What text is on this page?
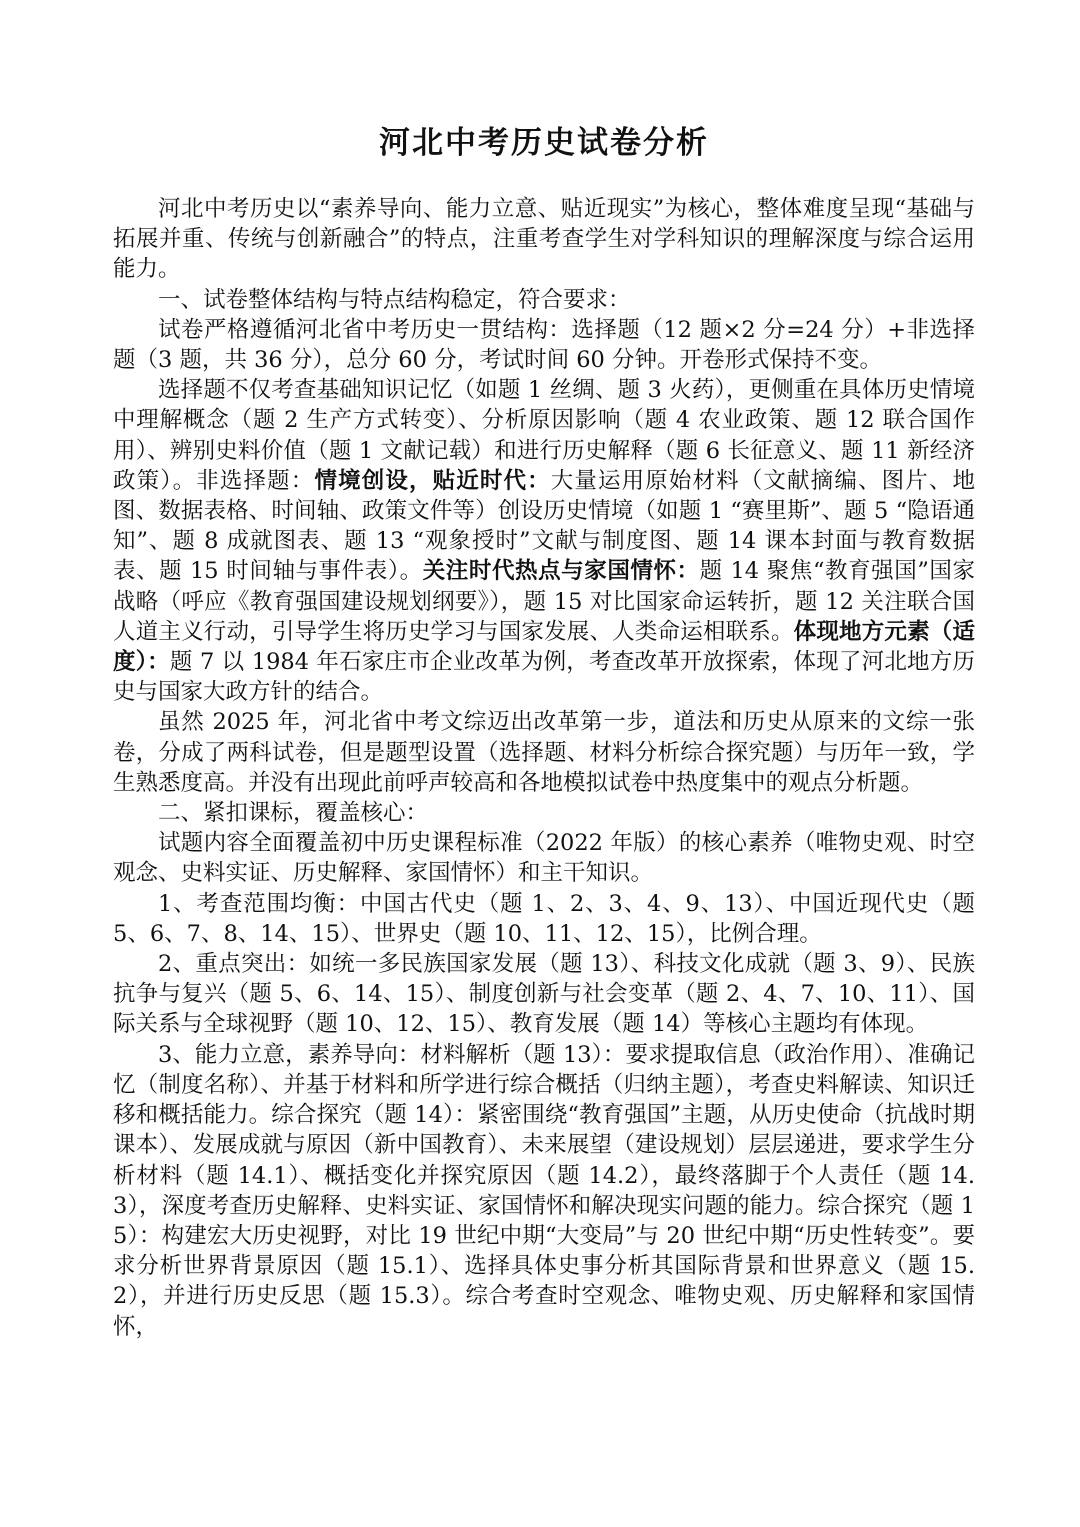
河北中考历史试卷分析

河北中考历史以“素养导向、能力立意、贴近现实”为核心，整体难度呈现“基础与拓展并重、传统与创新融合”的特点，注重考查学生对学科知识的理解深度与综合运用能力。

一、试卷整体结构与特点结构稳定，符合要求：

试卷严格遵循河北省中考历史一贯结构：选择题（12 题×2 分=24 分）+非选择题（3 题，共 36 分），总分 60 分，考试时间 60 分钟。开卷形式保持不变。

选择题不仅考查基础知识记忆（如题 1 丝绸、题 3 火药），更侧重在具体历史情境中理解概念（题 2 生产方式转变）、分析原因影响（题 4 农业政策、题 12 联合国作用）、辨别史料价值（题 1 文献记载）和进行历史解释（题 6 长征意义、题 11 新经济政策）。非选择题：情境创设，贴近时代：大量运用原始材料（文献摘编、图片、地图、数据表格、时间轴、政策文件等）创设历史情境（如题 1 “赛里斯”、题 5 “隐语通知”、题 8 成就图表、题 13 “观象授时”文献与制度图、题 14 课本封面与教育数据表、题 15 时间轴与事件表）。关注时代热点与家国情怀：题 14 聚焦“教育强国”国家战略（呼应《教育强国建设规划纲要》），题 15 对比国家命运转折，题 12 关注联合国人道主义行动，引导学生将历史学习与国家发展、人类命运相联系。体现地方元素（适度）：题 7 以 1984 年石家庄市企业改革为例，考查改革开放探索，体现了河北地方历史与国家大政方针的结合。

虽然 2025 年，河北省中考文综迈出改革第一步，道法和历史从原来的文综一张卷，分成了两科试卷，但是题型设置（选择题、材料分析综合探究题）与历年一致，学生熟悉度高。并没有出现此前呼声较高和各地模拟试卷中热度集中的观点分析题。

二、紧扣课标，覆盖核心：

试题内容全面覆盖初中历史课程标准（2022 年版）的核心素养（唯物史观、时空观念、史料实证、历史解释、家国情怀）和主干知识。

1、考查范围均衡：中国古代史（题 1、2、3、4、9、13）、中国近现代史（题 5、6、7、8、14、15）、世界史（题 10、11、12、15），比例合理。

2、重点突出：如统一多民族国家发展（题 13）、科技文化成就（题 3、9）、民族抗争与复兴（题 5、6、14、15）、制度创新与社会变革（题 2、4、7、10、11）、国际关系与全球视野（题 10、12、15）、教育发展（题 14）等核心主题均有体现。

3、能力立意，素养导向：材料解析（题 13）：要求提取信息（政治作用）、准确记忆（制度名称）、并基于材料和所学进行综合概括（归纳主题），考查史料解读、知识迁移和概括能力。综合探究（题 14）：紧密围绕“教育强国”主题，从历史使命（抗战时期课本）、发展成就与原因（新中国教育）、未来展望（建设规划）层层递进，要求学生分析材料（题 14.1）、概括变化并探究原因（题 14.2），最终落脚于个人责任（题 14.3），深度考查历史解释、史料实证、家国情怀和解决现实问题的能力。综合探究（题 15）：构建宏大历史视野，对比 19 世纪中期“大变局”与 20 世纪中期“历史性转变”。要求分析世界背景原因（题 15.1）、选择具体史事分析其国际背景和世界意义（题 15.2），并进行历史反思（题 15.3）。综合考查时空观念、唯物史观、历史解释和家国情怀，
